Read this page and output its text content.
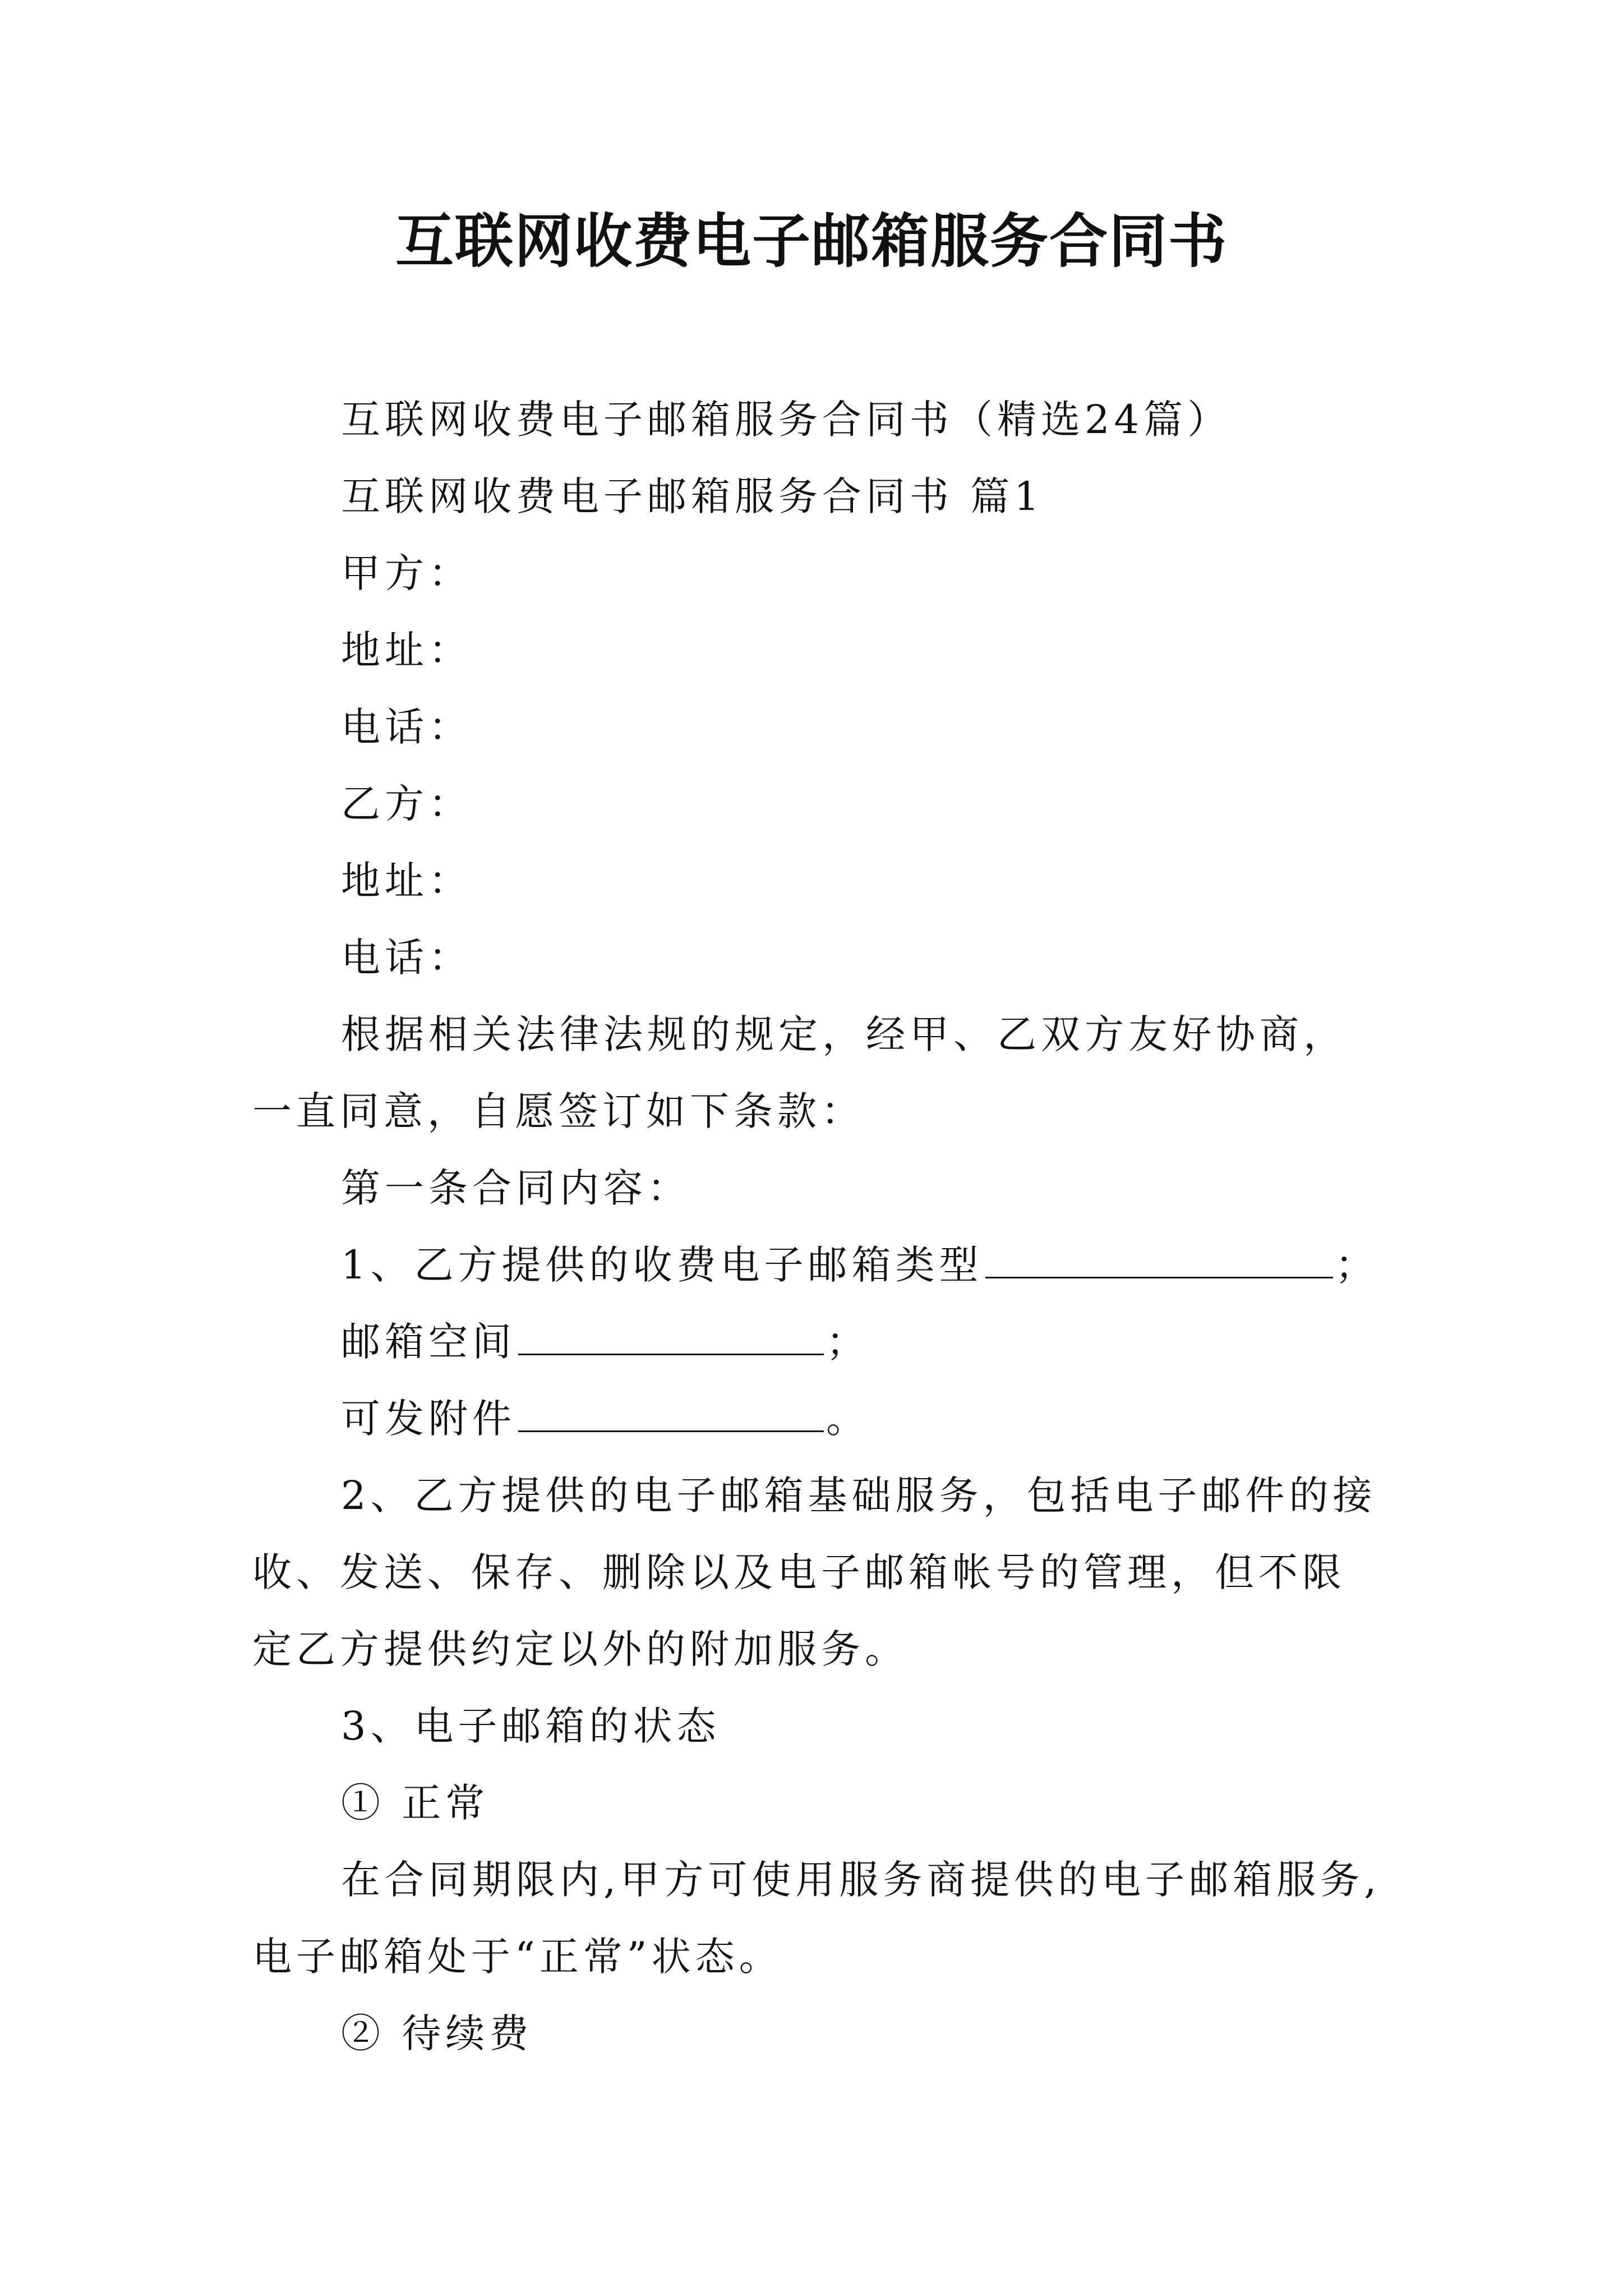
互联网收费电子邮箱服务合同书

互联网收费电子邮箱服务合同书（精选24篇）

互联网收费电子邮箱服务合同书 篇1

甲方：

地址：

电话：

乙方：

地址：

电话：

根据相关法律法规的规定，经甲、乙双方友好协商，一直同意，自愿签订如下条款：

第一条合同内容：

1、乙方提供的收费电子邮箱类型	；

邮箱空间	；

可发附件	。

2、乙方提供的电子邮箱基础服务，包括电子邮件的接收、发送、保存、删除以及电子邮箱帐号的管理，但不限定乙方提供约定以外的附加服务。

3、电子邮箱的状态

① 正常

在合同期限内,甲方可使用服务商提供的电子邮箱服务,电子邮箱处于“正常”状态。

② 待续费
